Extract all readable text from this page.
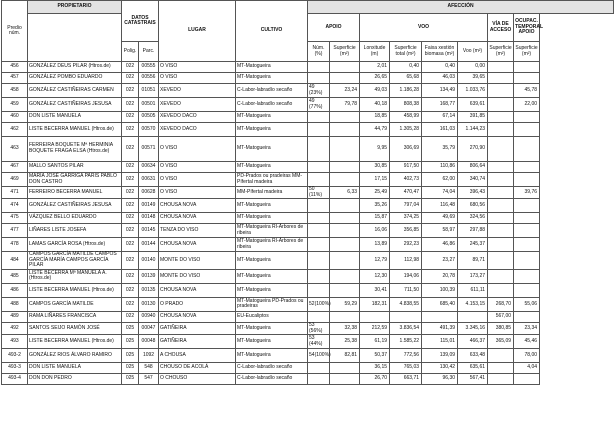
Predio núm.	PROPIETARIO	DATOS CATASTRAIS		LUGAR	CULTIVO	AFECCIÓN							
						APOIO		VOO				VÍA DE ACCESO	OCUPAC. TEMPORAL APOIO

		Polig.	Parc.			Núm. (%)	Superficie (m²)	Lonxitude (m)	Superficie total (m²)	Faixa xestión biomasa (m²)	Voo (m²)	Superficie (m²)	Superficie (m²)
456	GONZÁLEZ DEUS PILAR (Htros.de)	022	00555	O VISO	MT-Matogueira			2,01	0,40	0,40	0,00		
457	GONZÁLEZ POMBO EDUARDO	022	00556	O VISO	MT-Matogueira			26,65	65,68	46,03	39,65		
458	GONZÁLEZ CASTIÑEIRAS CARMEN	022	01051	XEVEDO	C-Labor-labradío secaño	49 (23%)	23,24	49,03	1.186,28	134,49	1.033,76		45,78
459	GONZÁLEZ CASTIÑEIRAS JESUSA	022	00501	XEVEDO	C-Labor-labradío secaño	49 (77%)	79,78	40,18	808,38	168,77	639,61		22,00
460	DON LISTE MANUELA	022	00505	XEVEDO DACO	MT-Matogueira			18,85	458,99	67,14	391,85		
462	LISTE BECERRA MANUEL (Htros.de)	022	00570	XEVEDO DACO	MT-Matogueira			44,79	1.305,28	161,03	1.144,23		
463	FERREIRA BOQUETE Mª HERMINIA BOQUETE FRAGA ELSA (Htros.de)	022	00571	O VISO	MT-Matogueira			9,95	306,69	35,79	270,90		
467	MALLO SANTOS PILAR	022	00634	O VISO	MT-Matogueira			30,85	917,50	110,86	806,64		
469	MARÍA JOSÉ GARRIGA PARIS PABLO DON CASTRO	022	00631	O VISO	PD-Prados ou pradeiras MM-Pífertal madeira			17,15	402,73	62,00	340,74		
471	FERREIRO BECERRA MANUEL	022	00628	O VISO	MM-Pífertal madeira	50 (11%)	6,33	25,49	470,47	74,04	396,43		39,76
474	GONZÁLEZ CASTIÑEIRAS JESUSA	022	00149	CHOUSA NOVA	MT-Matogueira			35,26	797,04	116,48	680,56		
475	VÁZQUEZ BELLO EDUARDO	022	00148	CHOUSA NOVA	MT-Matogueira			15,87	374,25	49,69	324,56		
477	LIÑARES LISTE JOSEFA	022	00145	TENZA DO VISO	MT-Matogueira RI-Árbores de ribeira			16,06	356,85	58,97	297,88		
478	LAMAS GARCÍA ROSA (Htros.de)	022	00144	CHOUSA NOVA	MT-Matogueira RI-Árbores de ribeira			13,89	292,23	46,86	245,37		
484	CAMPOS GARCÍA MATILDE CAMPOS GARCÍA MARÍA CAMPOS GARCÍA PILAR	022	00140	MONTE DO VISO	MT-Matogueira			12,79	112,98	23,27	89,71		
485	LISTE BECERRA Mª MANUELA A. (Htros.de)	022	00139	MONTE DO VISO	MT-Matogueira			12,30	194,06	20,78	173,27		
486	LISTE BECERRA MANUEL (Htros.de)	022	00135	CHOUSA NOVA	MT-Matogueira			30,41	711,50	100,39	611,11		
488	CAMPOS GARCÍA MATILDE	022	00130	O PRADO	MT-Matogueira PD-Prados ou pradeiras	52(100%)	59,29	182,31	4.838,55	685,40	4.153,15	268,70	55,06
489	RAMA LIÑARES FRANCISCA	022	00940	CHOUSA NOVA	EU-Eucaliptos							567,00	
492	SANTOS SEIJO RAMÓN JOSÉ	025	00047	GATIÑEIRA	MT-Matogueira	53 (56%)	32,38	212,59	3.836,54	491,39	3.345,16	380,85	23,34
493	LISTE BECERRA MANUEL (Htros.de)	025	00048	GATIÑEIRA	MT-Matogueira	53 (44%)	25,38	61,19	1.585,22	115,01	466,37	365,09	45,46
493-2	GONZÁLEZ RIOS ÁLVARO RAMIRO	025	1092	A CHOUSA	MT-Matogueira	54(100%)	82,81	50,37	772,56	139,09	633,48		78,00
493-3	DON LISTE MANUELA	025	548	CHOUSO DE ACOLÁ	C-Labor-labradío secaño			36,15	765,03	130,42	635,61		4,04
493-4	DON DON PEDRO	025	547	O CHOUSO	C-Labor-labradío secaño			26,70	663,71	96,30	567,41		
